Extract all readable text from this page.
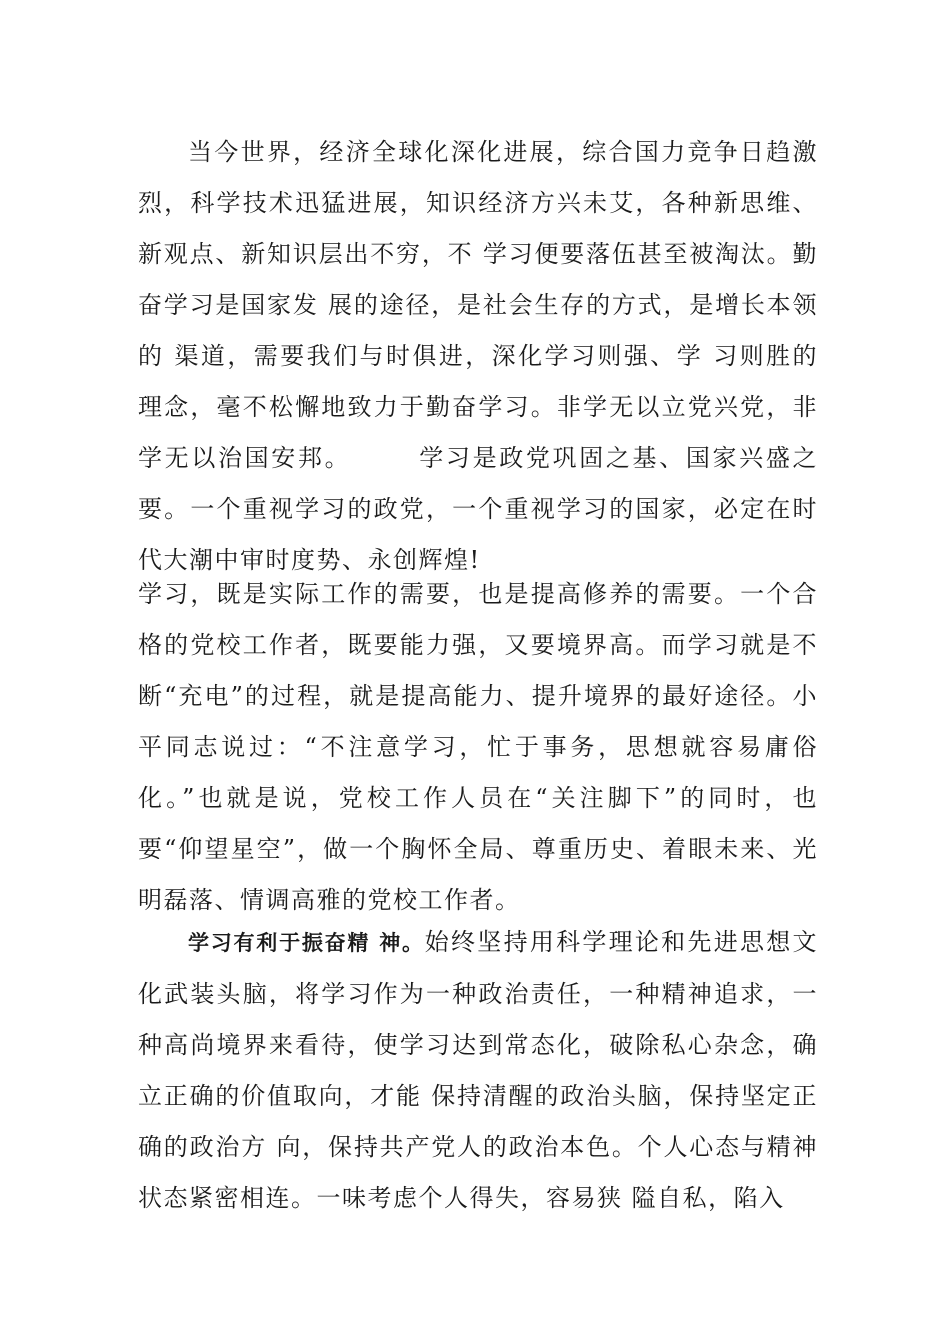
当今世界，经济全球化深化进展，综合国力竞争日趋激烈，科学技术迅猛进展，知识经济方兴未艾，各种新思维、新观点、新知识层出不穷，不 学习便要落伍甚至被淘汰。勤奋学习是国家发 展的途径，是社会生存的方式，是增长本领的 渠道，需要我们与时俱进，深化学习则强、学 习则胜的理念，毫不松懈地致力于勤奋学习。非学无以立党兴党，非学无以治国安邦。　　　学习是政党巩固之基、国家兴盛之要。一个重视学习的政党，一个重视学习的国家，必定在时代大潮中审时度势、永创辉煌!

学习，既是实际工作的需要，也是提高修养的需要。一个合格的党校工作者，既要能力强，又要境界高。而学习就是不断“充电”的过程，就是提高能力、提升境界的最好途径。小平同志说过：“不注意学习，忙于事务，思想就容易庸俗化。”也就是说，党校工作人员在“关注脚下”的同时，也要“仰望星空”，做一个胸怀全局、尊重历史、着眼未来、光明磊落、情调高雅的党校工作者。

学习有利于振奋精 神。始终坚持用科学理论和先进思想文化武装头脑，将学习作为一种政治责任，一种精神追求，一种高尚境界来看待，使学习达到常态化，破除私心杂念，确立正确的价值取向，才能 保持清醒的政治头脑，保持坚定正确的政治方 向，保持共产党人的政治本色。个人心态与精神状态紧密相连。一味考虑个人得失，容易狭 隘自私，陷入
